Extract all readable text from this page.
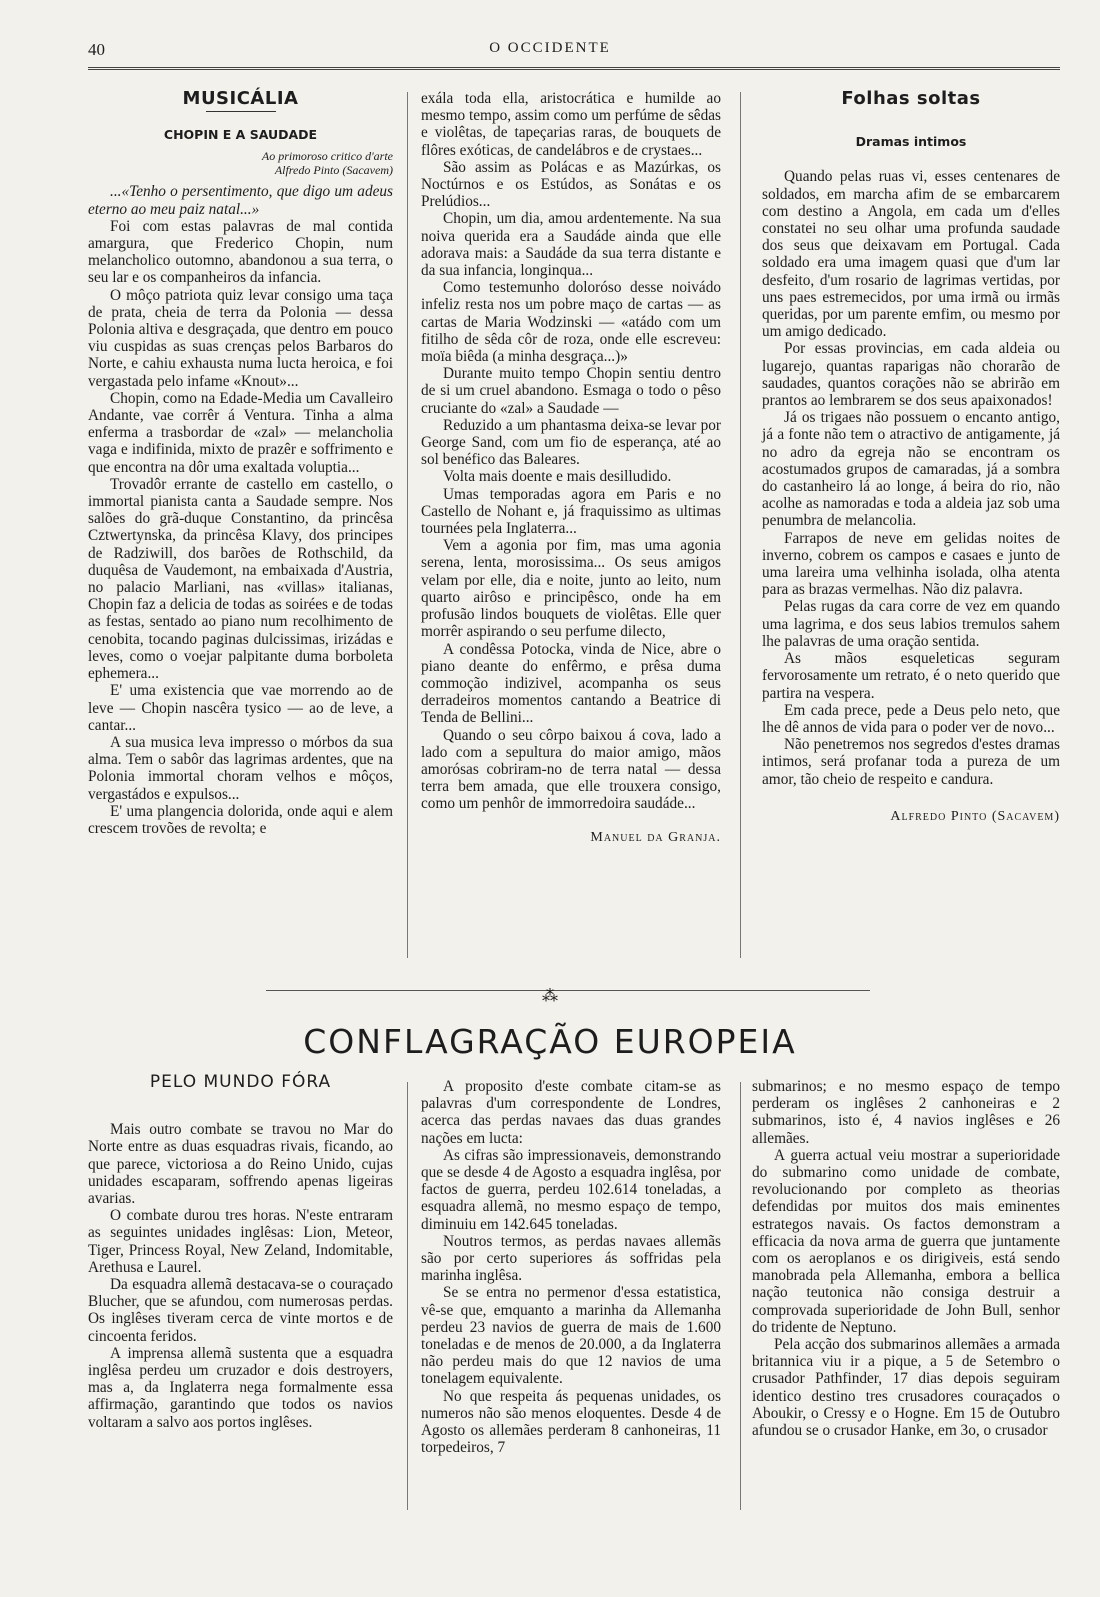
40	O OCCIDENTE
MUSICÁLIA
CHOPIN E A SAUDADE
Ao primoroso critico d'arte
Alfredo Pinto (Sacavem)

...«Tenho o persentimento, que digo um adeus eterno ao meu paiz natal...»

Foi com estas palavras de mal contida amargura, que Frederico Chopin, num melancholico outomno, abandonou a sua terra, o seu lar e os companheiros da infancia.

O môço patriota quiz levar consigo uma taça de prata, cheia de terra da Polonia — dessa Polonia altiva e desgraçada, que dentro em pouco viu cuspidas as suas crenças pelos Barbaros do Norte, e cahiu exhausta numa lucta heroica, e foi vergastada pelo infame «Knout»...

Chopin, como na Edade-Media um Cavalleiro Andante, vae corrêr á Ventura. Tinha a alma enferma a trasbordar de «zal» — melancholia vaga e indifinida, mixto de prazêr e soffrimento e que encontra na dôr uma exaltada voluptia...

Trovadôr errante de castello em castello, o immortal pianista canta a Saudade sempre. Nos salões do grã-duque Constantino, da princêsa Cztwertynska, da princêsa Klavy, dos principes de Radziwill, dos barões de Rothschild, da duquêsa de Vaudemont, na embaixada d'Austria, no palacio Marliani, nas «villas» italianas, Chopin faz a delicia de todas as soirées e de todas as festas, sentado ao piano num recolhimento de cenobita, tocando paginas dulcissimas, irizádas e leves, como o voejar palpitante duma borboleta ephemera...

E' uma existencia que vae morrendo ao de leve — Chopin nascêra tysico — ao de leve, a cantar...

A sua musica leva impresso o mórbos da sua alma. Tem o sabôr das lagrimas ardentes, que na Polonia immortal choram velhos e môços, vergastádos e expulsos...

E' uma plangencia dolorida, onde aqui e alem crescem trovões de revolta; e

exála toda ella, aristocrática e humilde ao mesmo tempo, assim como um perfúme de sêdas e violêtas, de tapeçarias raras, de bouquets de flôres exóticas, de candelábros e de crystaes...

São assim as Polácas e as Mazúrkas, os Noctúrnos e os Estúdos, as Sonátas e os Prelúdios...

Chopin, um dia, amou ardentemente. Na sua noiva querida era a Saudáde ainda que elle adorava mais: a Saudáde da sua terra distante e da sua infancia, longinqua...

Como testemunho doloróso desse noivádo infeliz resta nos um pobre maço de cartas — as cartas de Maria Wodzinski — «atádo com um fitilho de sêda côr de roza, onde elle escreveu: moïa biêda (a minha desgraça...)»

Durante muito tempo Chopin sentiu dentro de si um cruel abandono. Esmaga o todo o pêso cruciante do «zal» a Saudade —

Reduzido a um phantasma deixa-se levar por George Sand, com um fio de esperança, até ao sol benéfico das Baleares.

Volta mais doente e mais desilludido.

Umas temporadas agora em Paris e no Castello de Nohant e, já fraquissimo as ultimas tournées pela Inglaterra...

Vem a agonia por fim, mas uma agonia serena, lenta, morosissima... Os seus amigos velam por elle, dia e noite, junto ao leito, num quarto airôso e principêsco, onde ha em profusão lindos bouquets de violêtas. Elle quer morrêr aspirando o seu perfume dilecto,

A condêssa Potocka, vinda de Nice, abre o piano deante do enfêrmo, e prêsa duma commoção indizivel, acompanha os seus derradeiros momentos cantando a Beatrice di Tenda de Bellini...

Quando o seu côrpo baixou á cova, lado a lado com a sepultura do maior amigo, mãos amorósas cobriram-no de terra natal — dessa terra bem amada, que elle trouxera consigo, como um penhôr de immorredoira saudáde...

Manuel da Granja.
Folhas soltas
Dramas intimos

Quando pelas ruas vi, esses centenares de soldados, em marcha afim de se embarcarem com destino a Angola, em cada um d'elles constatei no seu olhar uma profunda saudade dos seus que deixavam em Portugal. Cada soldado era uma imagem quasi que d'um lar desfeito, d'um rosario de lagrimas vertidas, por uns paes estremecidos, por uma irmã ou irmãs queridas, por um parente emfim, ou mesmo por um amigo dedicado.

Por essas provincias, em cada aldeia ou lugarejo, quantas raparigas não chorarão de saudades, quantos corações não se abrirão em prantos ao lembrarem se dos seus apaixonados!

Já os trigaes não possuem o encanto antigo, já a fonte não tem o atractivo de antigamente, já no adro da egreja não se encontram os acostumados grupos de camaradas, já a sombra do castanheiro lá ao longe, á beira do rio, não acolhe as namoradas e toda a aldeia jaz sob uma penumbra de melancolia.

Farrapos de neve em gelidas noites de inverno, cobrem os campos e casaes e junto de uma lareira uma velhinha isolada, olha atenta para as brazas vermelhas. Não diz palavra.

Pelas rugas da cara corre de vez em quando uma lagrima, e dos seus labios tremulos sahem lhe palavras de uma oração sentida.

As mãos esqueleticas seguram fervorosamente um retrato, é o neto querido que partira na vespera.

Em cada prece, pede a Deus pelo neto, que lhe dê annos de vida para o poder ver de novo...

Não penetremos nos segredos d'estes dramas intimos, será profanar toda a pureza de um amor, tão cheio de respeito e candura.

Alfredo Pinto (Sacavem)
⁂
CONFLAGRAÇÃO EUROPEIA
PELO MUNDO FÓRA

Mais outro combate se travou no Mar do Norte entre as duas esquadras rivais, ficando, ao que parece, victoriosa a do Reino Unido, cujas unidades escaparam, soffrendo apenas ligeiras avarias.

O combate durou tres horas. N'este entraram as seguintes unidades inglêsas: Lion, Meteor, Tiger, Princess Royal, New Zeland, Indomitable, Arethusa e Laurel.

Da esquadra allemã destacava-se o couraçado Blucher, que se afundou, com numerosas perdas. Os inglêses tiveram cerca de vinte mortos e de cincoenta feridos.

A imprensa allemã sustenta que a esquadra inglêsa perdeu um cruzador e dois destroyers, mas a, da Inglaterra nega formalmente essa affirmação, garantindo que todos os navios voltaram a salvo aos portos inglêses.

A proposito d'este combate citam-se as palavras d'um correspondente de Londres, acerca das perdas navaes das duas grandes nações em lucta:

As cifras são impressionaveis, demonstrando que se desde 4 de Agosto a esquadra inglêsa, por factos de guerra, perdeu 102.614 toneladas, a esquadra allemã, no mesmo espaço de tempo, diminuiu em 142.645 toneladas.

Noutros termos, as perdas navaes allemãs são por certo superiores ás soffridas pela marinha inglêsa.

Se se entra no permenor d'essa estatistica, vê-se que, emquanto a marinha da Allemanha perdeu 23 navios de guerra de mais de 1.600 toneladas e de menos de 20.000, a da Inglaterra não perdeu mais do que 12 navios de uma tonelagem equivalente.

No que respeita ás pequenas unidades, os numeros não são menos eloquentes. Desde 4 de Agosto os allemães perderam 8 canhoneiras, 11 torpedeiros, 7

submarinos; e no mesmo espaço de tempo perderam os inglêses 2 canhoneiras e 2 submarinos, isto é, 4 navios inglêses e 26 allemães.

A guerra actual veiu mostrar a superioridade do submarino como unidade de combate, revolucionando por completo as theorias defendidas por muitos dos mais eminentes estrategos navais. Os factos demonstram a efficacia da nova arma de guerra que juntamente com os aeroplanos e os dirigiveis, está sendo manobrada pela Allemanha, embora a bellica nação teutonica não consiga destruir a comprovada superioridade de John Bull, senhor do tridente de Neptuno.

Pela acção dos submarinos allemães a armada britannica viu ir a pique, a 5 de Setembro o crusador Pathfinder, 17 dias depois seguiram identico destino tres crusadores couraçados o Aboukir, o Cressy e o Hogne. Em 15 de Outubro afundou se o crusador Hanke, em 3o, o crusador
